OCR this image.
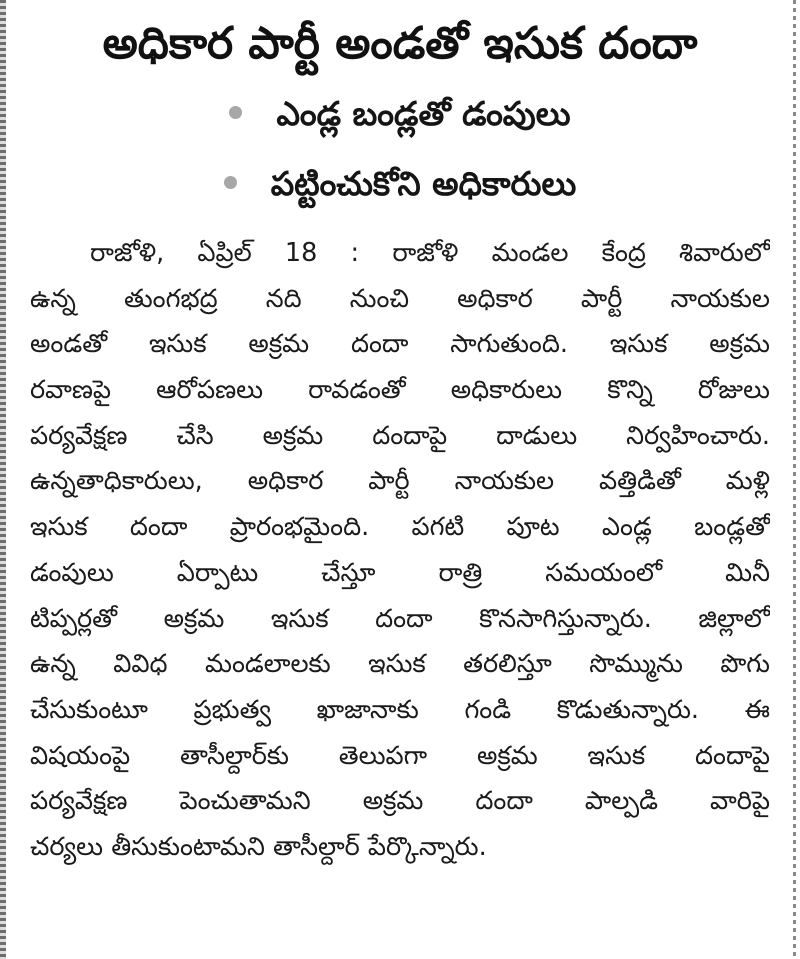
అధికార పార్టీ అండతో ఇసుక దందా
ఎండ్ల బండ్లతో డంపులు
పట్టించుకోని అధికారులు
రాజోళి, ఏప్రిల్ 18 : రాజోళి మండల కేంద్ర శివారులో
ఉన్న తుంగభద్ర నది నుంచి అధికార పార్టీ నాయకుల
అండతో ఇసుక అక్రమ దందా సాగుతుంది. ఇసుక అక్రమ
రవాణపై ఆరోపణలు రావడంతో అధికారులు కొన్ని రోజులు
పర్యవేక్షణ చేసి అక్రమ దందాపై దాడులు నిర్వహించారు.
ఉన్నతాధికారులు, అధికార పార్టీ నాయకుల వత్తిడితో మళ్లి
ఇసుక దందా ప్రారంభమైంది. పగటి పూట ఎండ్ల బండ్లతో
డంపులు ఏర్పాటు చేస్తూ రాత్రి సమయంలో మినీ
టిప్పర్లతో అక్రమ ఇసుక దందా కొనసాగిస్తున్నారు. జిల్లాలో
ఉన్న వివిధ మండలాలకు ఇసుక తరలిస్తూ సొమ్మును పొగు
చేసుకుంటూ ప్రభుత్వ ఖాజానాకు గండి కొడుతున్నారు. ఈ
విషయంపై తాసీల్దార్‌కు తెలుపగా అక్రమ ఇసుక దందాపై
పర్యవేక్షణ పెంచుతామని అక్రమ దందా పాల్పడి వారిపై
చర్యలు తీసుకుంటామని తాసీల్దార్ పేర్కొన్నారు.
